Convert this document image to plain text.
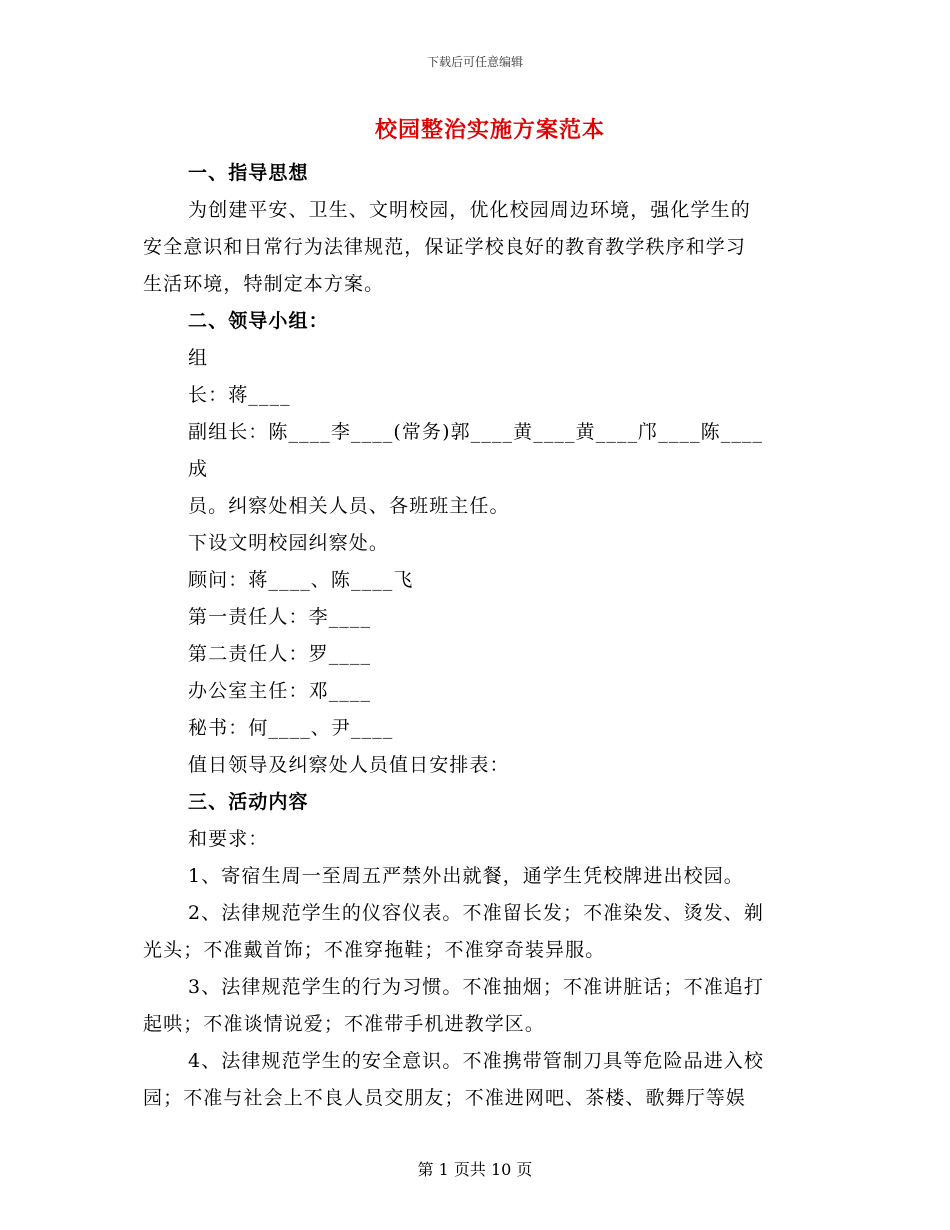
下载后可任意编辑
校园整治实施方案范本
一、指导思想
为创建平安、卫生、文明校园，优化校园周边环境，强化学生的
安全意识和日常行为法律规范，保证学校良好的教育教学秩序和学习
生活环境，特制定本方案。
二、领导小组：
组
长：蒋____
副组长：陈____李____(常务)郭____黄____黄____邝____陈____
成
员。纠察处相关人员、各班班主任。
下设文明校园纠察处。
顾问：蒋____、陈____飞
第一责任人：李____
第二责任人：罗____
办公室主任：邓____
秘书：何____、尹____
值日领导及纠察处人员值日安排表：
三、活动内容
和要求：
1、寄宿生周一至周五严禁外出就餐，通学生凭校牌进出校园。
2、法律规范学生的仪容仪表。不准留长发；不准染发、烫发、剃
光头；不准戴首饰；不准穿拖鞋；不准穿奇装异服。
3、法律规范学生的行为习惯。不准抽烟；不准讲脏话；不准追打
起哄；不准谈情说爱；不准带手机进教学区。
4、法律规范学生的安全意识。不准携带管制刀具等危险品进入校
园；不准与社会上不良人员交朋友；不准进网吧、茶楼、歌舞厅等娱
第 1 页共 10 页
